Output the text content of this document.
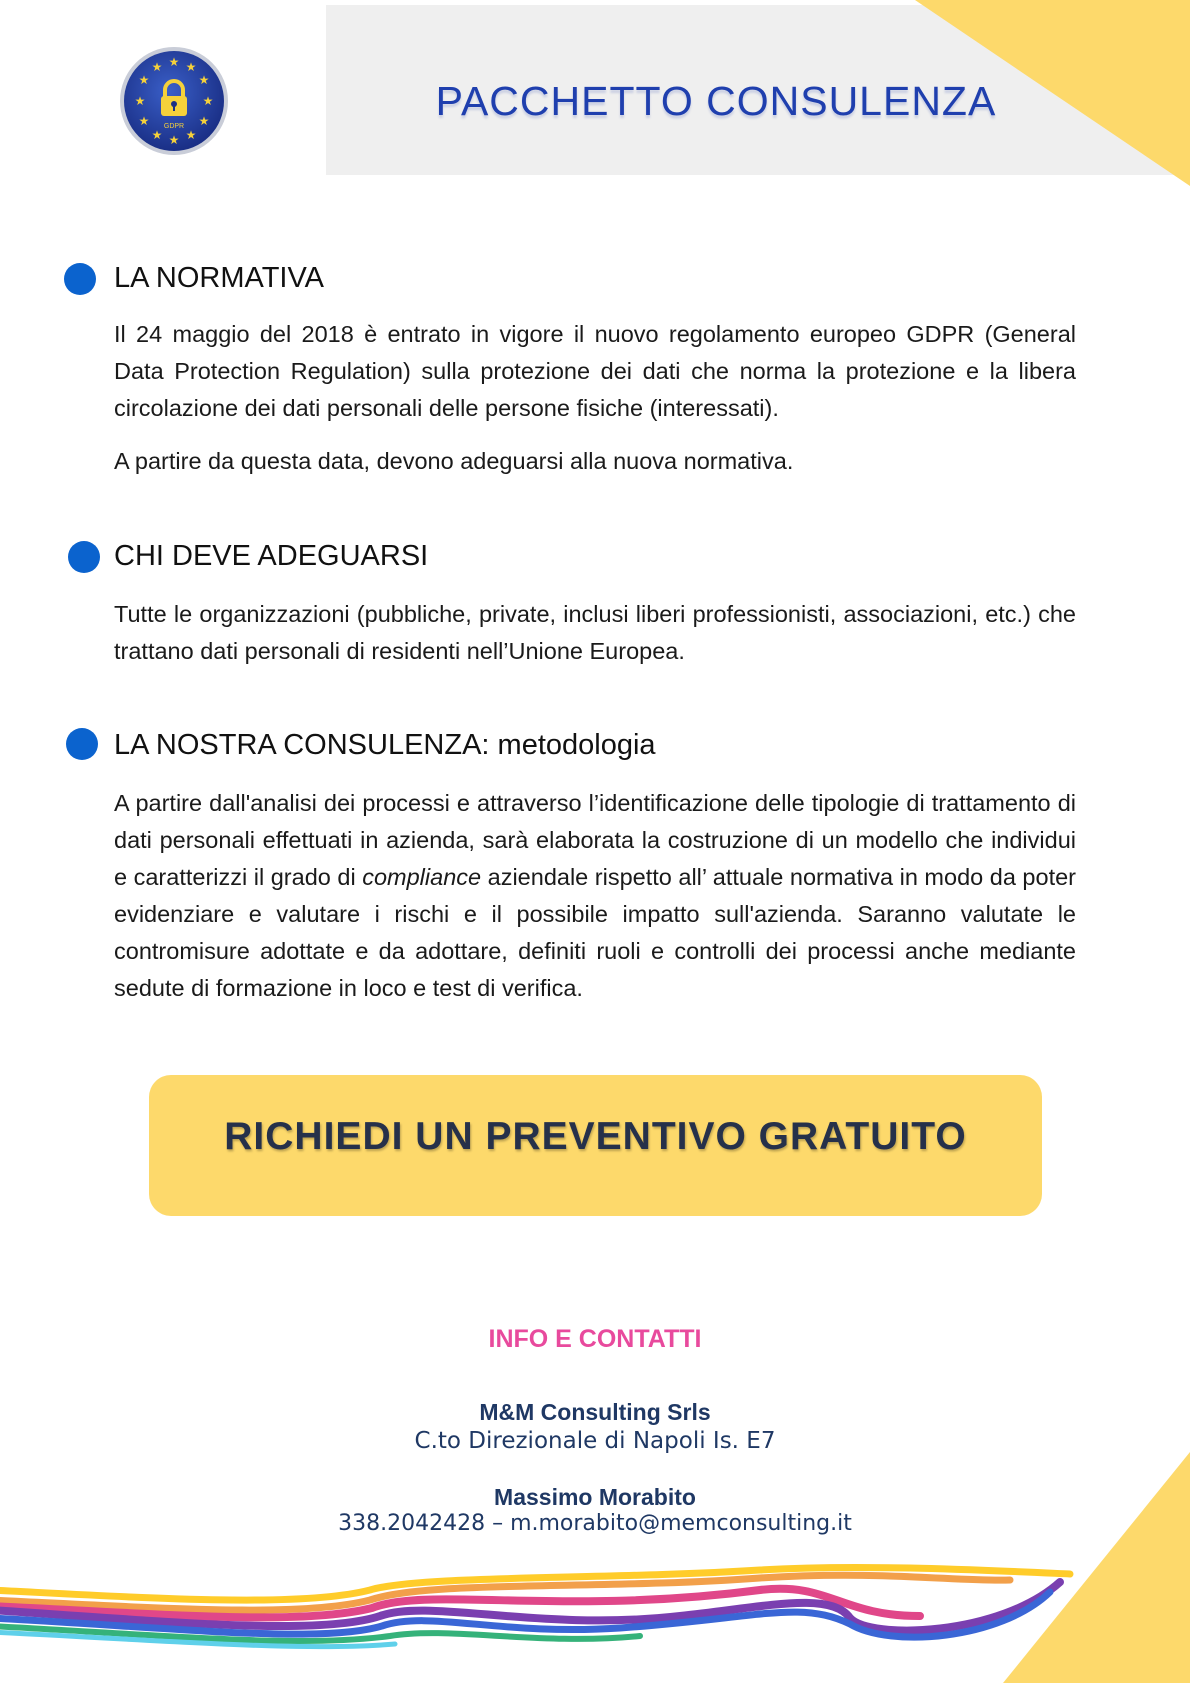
★ ★
★
★
★
★
★
★
★
★
★
★
GDPR
PACCHETTO CONSULENZA
LA NORMATIVA

Il 24 maggio del 2018 è entrato in vigore il nuovo regolamento europeo GDPR (General Data Protection Regulation) sulla protezione dei dati che norma la protezione e la libera circolazione dei dati personali delle persone fisiche (interessati).

A partire da questa data, devono adeguarsi alla nuova normativa.

CHI DEVE ADEGUARSI

Tutte le organizzazioni (pubbliche, private, inclusi liberi professionisti, associazioni, etc.) che trattano dati personali di residenti nell’Unione Europea.

LA NOSTRA CONSULENZA: metodologia

A partire dall'analisi dei processi e attraverso l’identificazione delle tipologie di trattamento di dati personali effettuati in azienda, sarà elaborata la costruzione di un modello che individui e caratterizzi il grado di compliance aziendale rispetto all’ attuale normativa in modo da poter evidenziare e valutare i rischi e il possibile impatto sull'azienda. Saranno valutate le contromisure adottate e da adottare, definiti ruoli e controlli dei processi anche mediante sedute di formazione in loco e test di verifica.

RICHIEDI UN PREVENTIVO GRATUITO
INFO E CONTATTI
M&M Consulting Srls
C.to Direzionale di Napoli Is. E7
Massimo Morabito
338.2042428 – m.morabito@memconsulting.it
